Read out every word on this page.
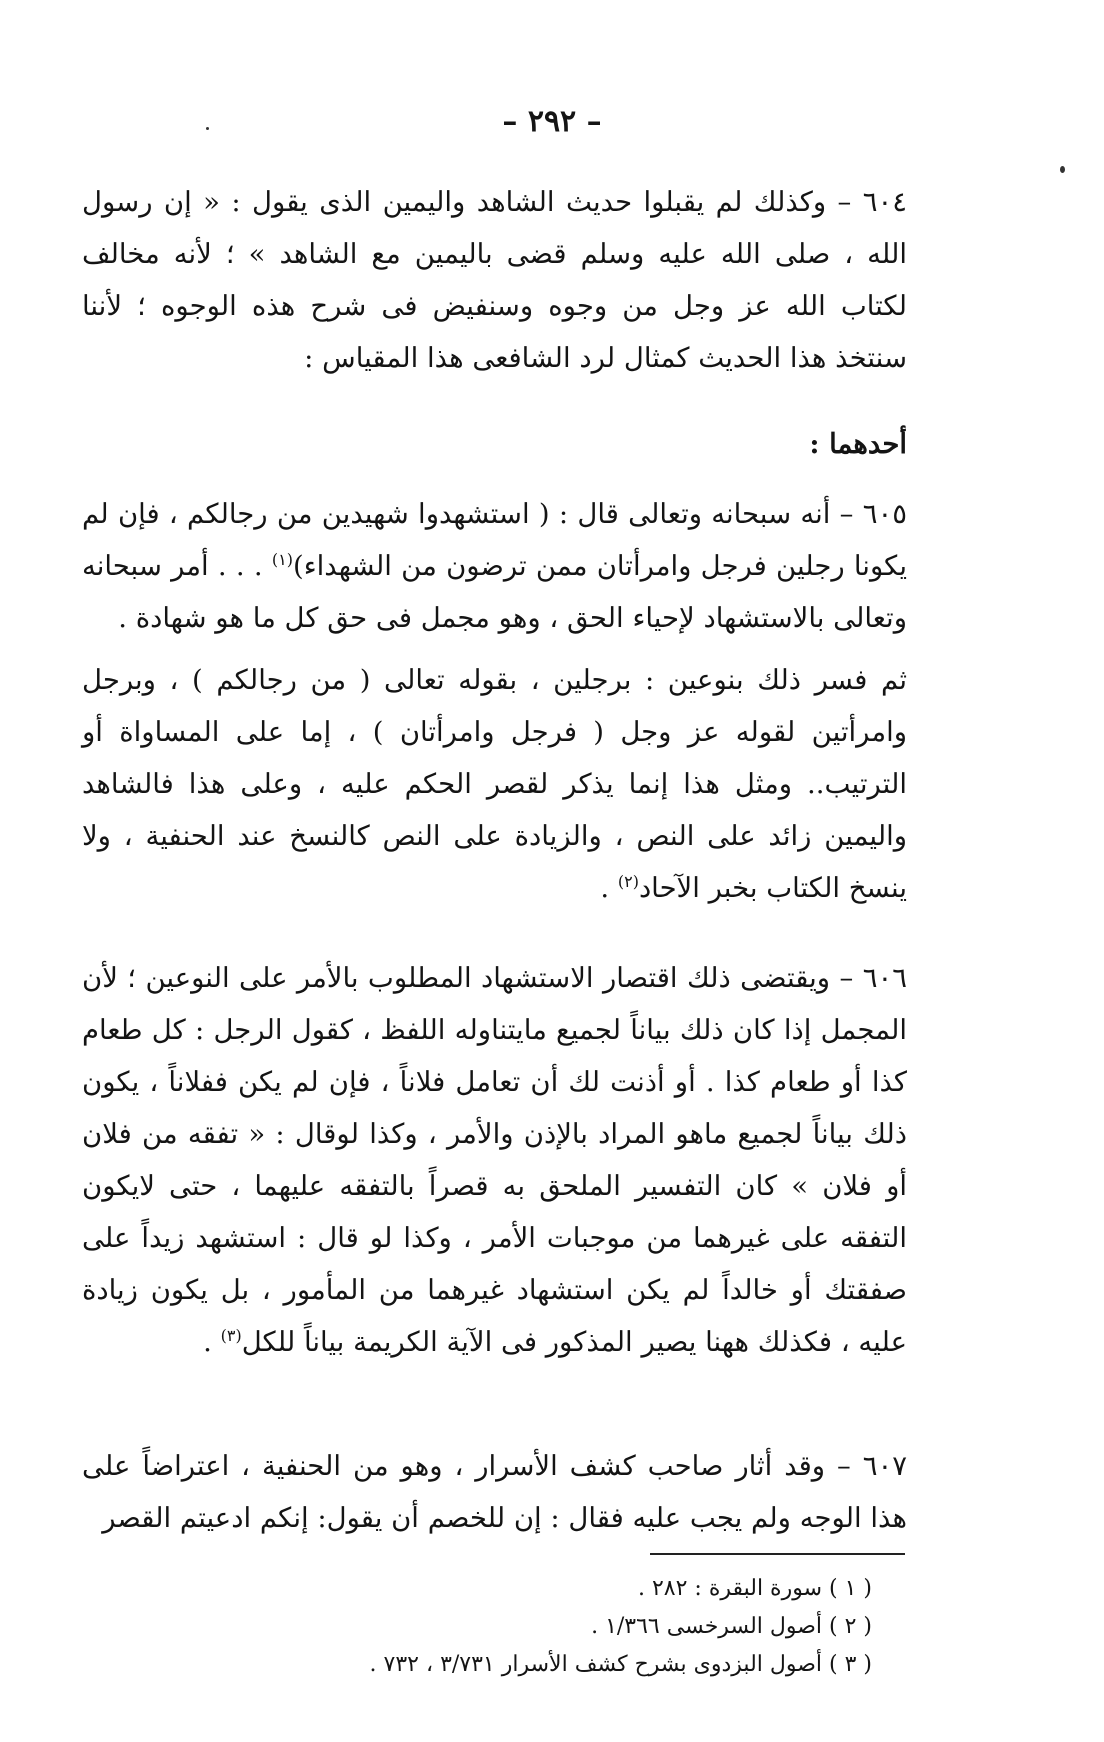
– ٢٩٢ –

٦٠٤ – وكذلك لم يقبلوا حديث الشاهد واليمين الذى يقول : « إن رسول الله ، صلى الله عليه وسلم قضى باليمين مع الشاهد » ؛ لأنه مخالف لكتاب الله عز وجل من وجوه وسنفيض فى شرح هذه الوجوه ؛ لأننا سنتخذ هذا الحديث كمثال لرد الشافعى هذا المقياس :

أحدهما :

٦٠٥ – أنه سبحانه وتعالى قال : ( استشهدوا شهيدين من رجالكم ، فإن لم يكونا رجلين فرجل وامرأتان ممن ترضون من الشهداء)$^{(١)}$ . . . أمر سبحانه وتعالى بالاستشهاد لإحياء الحق ، وهو مجمل فى حق كل ما هو شهادة .

ثم فسر ذلك بنوعين : برجلين ، بقوله تعالى ( من رجالكم ) ، وبرجل وامرأتين لقوله عز وجل ( فرجل وامرأتان ) ، إما على المساواة أو الترتيب.. ومثل هذا إنما يذكر لقصر الحكم عليه ، وعلى هذا فالشاهد واليمين زائد على النص ، والزيادة على النص كالنسخ عند الحنفية ، ولا ينسخ الكتاب بخبر الآحاد$^{(٢)}$ .

٦٠٦ – ويقتضى ذلك اقتصار الاستشهاد المطلوب بالأمر على النوعين ؛ لأن المجمل إذا كان ذلك بياناً لجميع مايتناوله اللفظ ، كقول الرجل : كل طعام كذا أو طعام كذا . أو أذنت لك أن تعامل فلاناً ، فإن لم يكن ففلاناً ، يكون ذلك بياناً لجميع ماهو المراد بالإذن والأمر ، وكذا لوقال : « تفقه من فلان أو فلان » كان التفسير الملحق به قصراً بالتفقه عليهما ، حتى لايكون التفقه على غيرهما من موجبات الأمر ، وكذا لو قال : استشهد زيداً على صفقتك أو خالداً لم يكن استشهاد غيرهما من المأمور ، بل يكون زيادة عليه ، فكذلك ههنا يصير المذكور فى الآية الكريمة بياناً للكل$^{(٣)}$ .

٦٠٧ – وقد أثار صاحب كشف الأسرار ، وهو من الحنفية ، اعتراضاً على هذا الوجه ولم يجب عليه فقال : إن للخصم أن يقول: إنكم ادعيتم القصر

( ١ ) سورة البقرة : ٢٨٢ .
( ٢ ) أصول السرخسى ١/٣٦٦ .
( ٣ ) أصول البزدوى بشرح كشف الأسرار ٣/٧٣١ ، ٧٣٢ .
